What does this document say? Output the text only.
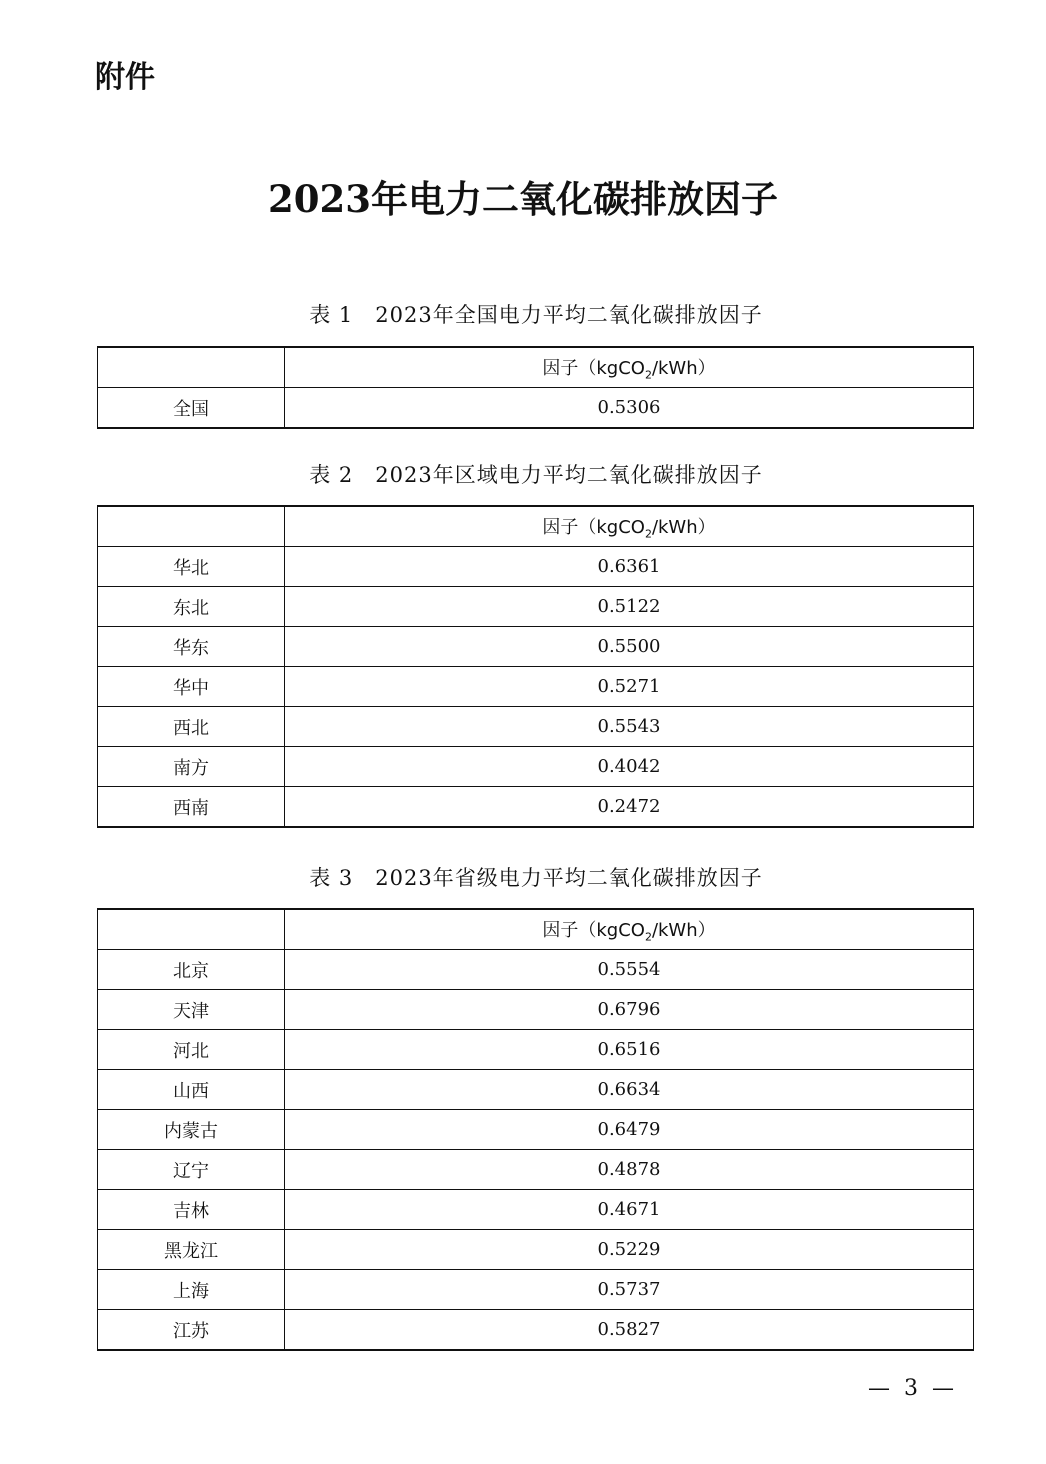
附件
2023年电力二氧化碳排放因子
表 1 2023年全国电力平均二氧化碳排放因子
	因子（kgCO$_2$/kWh）
全国	0.5306
表 2 2023年区域电力平均二氧化碳排放因子
	因子（kgCO$_2$/kWh）
华北	0.6361
东北	0.5122
华东	0.5500
华中	0.5271
西北	0.5543
南方	0.4042
西南	0.2472
表 3 2023年省级电力平均二氧化碳排放因子
	因子（kgCO$_2$/kWh）
北京	0.5554
天津	0.6796
河北	0.6516
山西	0.6634
内蒙古	0.6479
辽宁	0.4878
吉林	0.4671
黑龙江	0.5229
上海	0.5737
江苏	0.5827
—  3  —
